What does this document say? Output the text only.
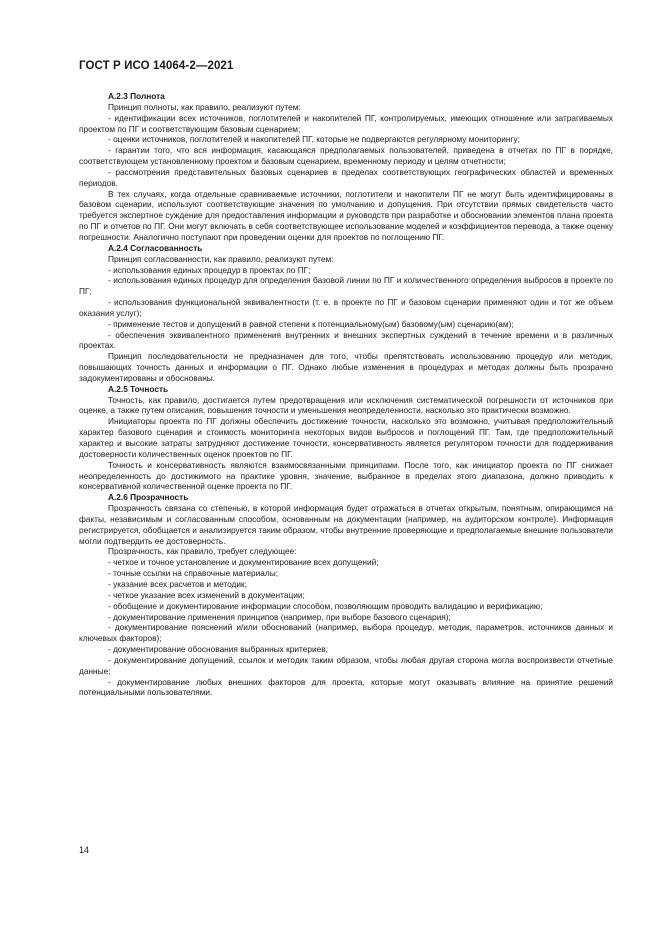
ГОСТ Р ИСО 14064-2—2021

A.2.3 Полнота

Принцип полноты, как правило, реализуют путем:

- идентификации всех источников, поглотителей и накопителей ПГ, контролируемых, имеющих отношение или затрагиваемых проектом по ПГ и соответствующим базовым сценарием;

- оценки источников, поглотителей и накопителей ПГ, которые не подвергаются регулярному мониторингу;

- гарантии того, что вся информация, касающаяся предполагаемых пользователей, приведена в отчетах по ПГ в порядке, соответствующем установленному проектом и базовым сценарием, временному периоду и целям отчетности;

- рассмотрения представительных базовых сценариев в пределах соответствующих географических областей и временных периодов.

В тех случаях, когда отдельные сравниваемые источники, поглотители и накопители ПГ не могут быть идентифицированы в базовом сценарии, используют соответствующие значения по умолчанию и допущения. При отсутствии прямых свидетельств часто требуется экспертное суждение для предоставления информации и руководств при разработке и обосновании элементов плана проекта по ПГ и отчетов по ПГ. Они могут включать в себя соответствующее использование моделей и коэффициентов перевода, а также оценку погрешности. Аналогично поступают при проведении оценки для проектов по поглощению ПГ.

A.2.4 Согласованность

Принцип согласованности, как правило, реализуют путем:

- использования единых процедур в проектах по ПГ;

- использования единых процедур для определения базовой линии по ПГ и количественного определения выбросов в проекте по ПГ;

- использования функциональной эквивалентности (т. е. в проекте по ПГ и базовом сценарии применяют один и тот же объем оказания услуг);

- применение тестов и допущений в равной степени к потенциальному(ым) базовому(ым) сценарию(ам);

- обеспечения эквивалентного применения внутренних и внешних экспертных суждений в течение времени и в различных проектах.

Принцип последовательности не предназначен для того, чтобы препятствовать использованию процедур или методик, повышающих точность данных и информации о ПГ. Однако любые изменения в процедурах и методах должны быть прозрачно задокументированы и обоснованы.

A.2.5 Точность

Точность, как правило, достигается путем предотвращения или исключения систематической погрешности от источников при оценке, а также путем описания, повышения точности и уменьшения неопределенности, насколько это практически возможно.

Инициаторы проекта по ПГ должны обеспечить достижение точности, насколько это возможно, учитывая предположительный характер базового сценария и стоимость мониторинга некоторых видов выбросов и поглощений ПГ. Там, где предположительный характер и высокие затраты затрудняют достижение точности, консервативность является регулятором точности для поддерживания достоверности количественных оценок проектов по ПГ.

Точность и консервативность являются взаимосвязанными принципами. После того, как инициатор проекта по ПГ снижает неопределенность до достижимого на практике уровня, значение, выбранное в пределах этого диапазона, должно приводить к консервативной количественной оценке проекта по ПГ.

A.2.6 Прозрачность

Прозрачность связана со степенью, в которой информация будет отражаться в отчетах открытым, понятным, опирающимся на факты, независимым и согласованным способом, основанным на документации (например, на аудиторском контроле). Информация регистрируется, обобщается и анализируется таким образом, чтобы внутренние проверяющие и предполагаемые внешние пользователи могли подтвердить ее достоверность.

Прозрачность, как правило, требует следующее:

- четкое и точное установление и документирование всех допущений;

- точные ссылки на справочные материалы;

- указание всех расчетов и методик;

- четкое указание всех изменений в документации;

- обобщение и документирование информации способом, позволяющим проводить валидацию и верификацию;

- документирование применения принципов (например, при выборе базового сценария);

- документирование пояснений и/или обоснований (например, выбора процедур, методик, параметров, источников данных и ключевых факторов);

- документирование обоснования выбранных критериев;

- документирование допущений, ссылок и методик таким образом, чтобы любая другая сторона могла воспроизвести отчетные данные;

- документирование любых внешних факторов для проекта, которые могут оказывать влияние на принятие решений потенциальными пользователями.

14
